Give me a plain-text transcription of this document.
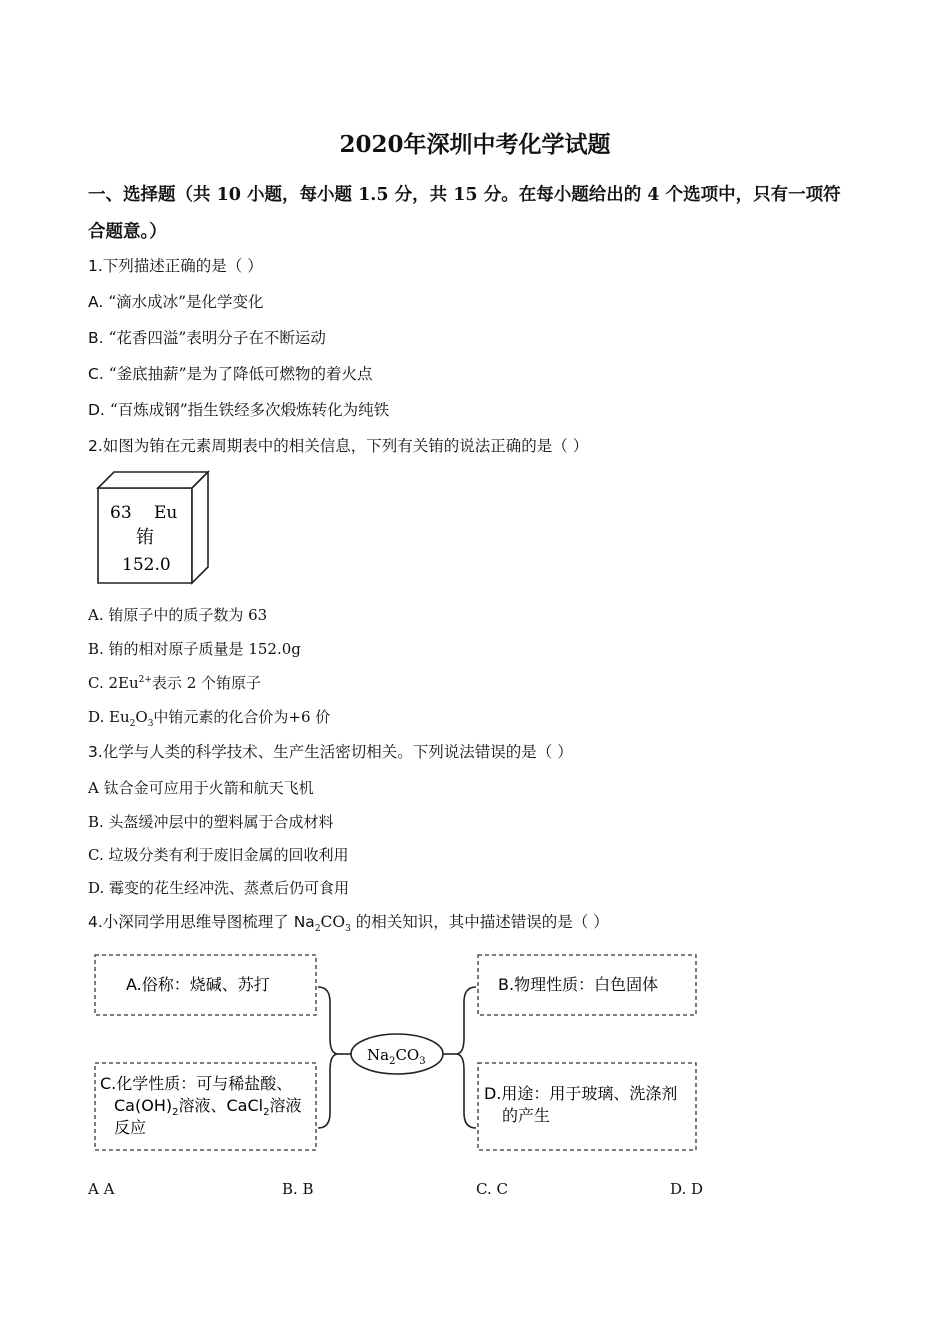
2020年深圳中考化学试题
一、选择题（共 10 小题，每小题 1.5 分，共 15 分。在每小题给出的 4 个选项中，只有一项符
合题意。）
1.下列描述正确的是（ ）
A. “滴水成冰”是化学变化
B. “花香四溢”表明分子在不断运动
C. “釜底抽薪”是为了降低可燃物的着火点
D. “百炼成钢”指生铁经多次煅炼转化为纯铁
2.如图为铕在元素周期表中的相关信息，下列有关铕的说法正确的是（ ）
63 Eu
铕
152.0
A. 铕原子中的质子数为 63
B. 铕的相对原子质量是 152.0g
C. $2Eu^{2+}$表示 2 个铕原子
D. $Eu_2O_3$中铕元素的化合价为+6 价
3.化学与人类的科学技术、生产生活密切相关。下列说法错误的是（ ）
A 钛合金可应用于火箭和航天飞机
B. 头盔缓冲层中的塑料属于合成材料
C. 垃圾分类有利于废旧金属的回收利用
D. 霉变的花生经冲洗、蒸煮后仍可食用
4.小深同学用思维导图梳理了 $Na_2CO_3$ 的相关知识，其中描述错误的是（ ）
$Na_2CO_3$
A.俗称：烧碱、苏打	B.物理性质：白色固体
C.化学性质：可与稀盐酸、
$Ca(OH)_2$溶液、CaCl$_2$溶液
反应
D.用途：用于玻璃、洗涤剂
的产生
A A	B. B	C. C	D. D
